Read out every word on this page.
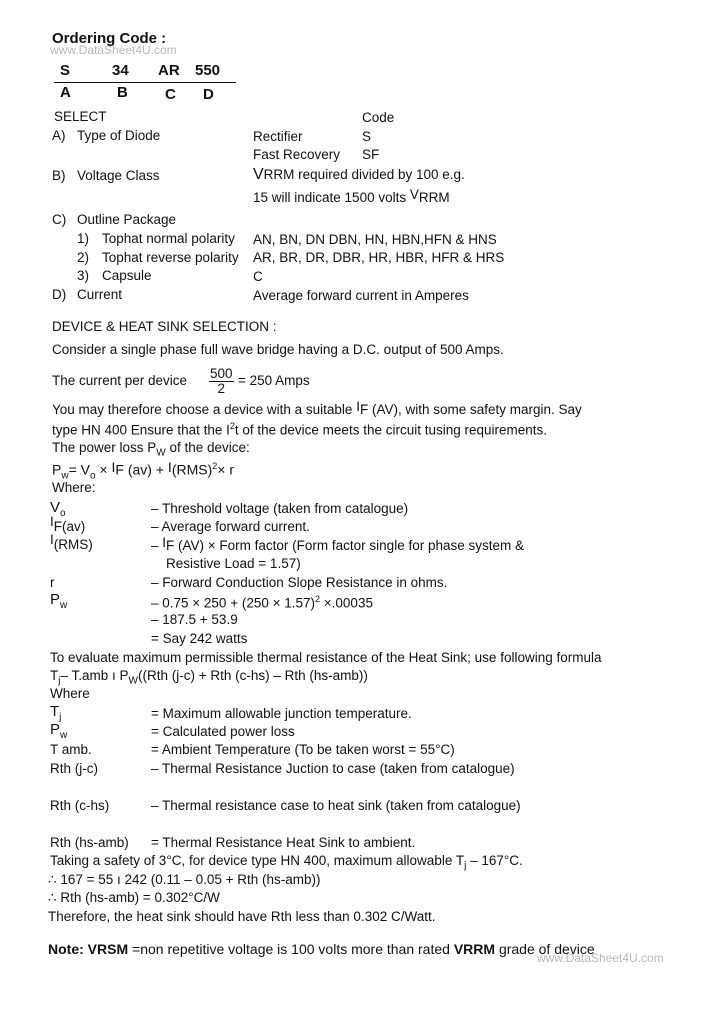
www.DataSheet4U.com
www.DataSheet4U.com
Ordering Code :
S	34 AR 550
A	B C D
SELECT	Code
A) Type of Diode	Rectifier	S
Fast Recovery SF
B) Voltage Class	VRRM required divided by 100 e.g.
15 will indicate 1500 volts VRRM
C) Outline Package
1) Tophat normal polarity AN, BN, DN DBN, HN, HBN,HFN & HNS
2) Tophat reverse polarity AR, BR, DR, DBR, HR, HBR, HFR & HRS
3) Capsule	C
D) Current	Average forward current in Amperes
DEVICE & HEAT SINK SELECTION :
Consider a single phase full wave bridge having a D.C. output of 500 Amps.
The current per device $\frac{500}{2} = 250$ Amps
You may therefore choose a device with a suitable IF (AV), with some safety margin. Say
type HN 400 Ensure that the $I^2t$ of the device meets the circuit tusing requirements.
The power loss $P_W$ of the device:
$P_w= V_o$ × IF (av) + I(RMS)$^2$× r
Where:
$V_o$	– Threshold voltage (taken from catalogue)
IF(av)	– Average forward current.
I(RMS)	– IF (AV) × Form factor (Form factor single for phase system &
Resistive Load = 1.57)
r	– Forward Conduction Slope Resistance in ohms.
$P_w$	– $0.75 \times 250 + (250 \times 1.57)^2 \times.00035$
– 187.5 + 53.9
= Say 242 watts
To evaluate maximum permissible thermal resistance of the Heat Sink; use following formula
$T_j-$ T.amb ı $P_W((Rth$ (j-c) + Rth (c-hs) – Rth (hs-amb))
Where
$T_j$	= Maximum allowable junction temperature.
$P_w$	= Calculated power loss
T amb.	= Ambient Temperature (To be taken worst = 55°C)
Rth (j-c)	– Thermal Resistance Juction to case (taken from catalogue)
Rth (c-hs)	– Thermal resistance case to heat sink (taken from catalogue)
Rth (hs-amb) = Thermal Resistance Heat Sink to ambient.
Taking a safety of 3°C, for device type HN 400, maximum allowable $T_j - 167^\circ C$.
∴ 167 = 55 ı 242 (0.11 – 0.05 + Rth (hs-amb))
∴ Rth (hs-amb) = 0.302°C/W
Therefore, the heat sink should have Rth less than 0.302 C/Watt.
Note: VRSM =non repetitive voltage is 100 volts more than rated VRRM grade of device
